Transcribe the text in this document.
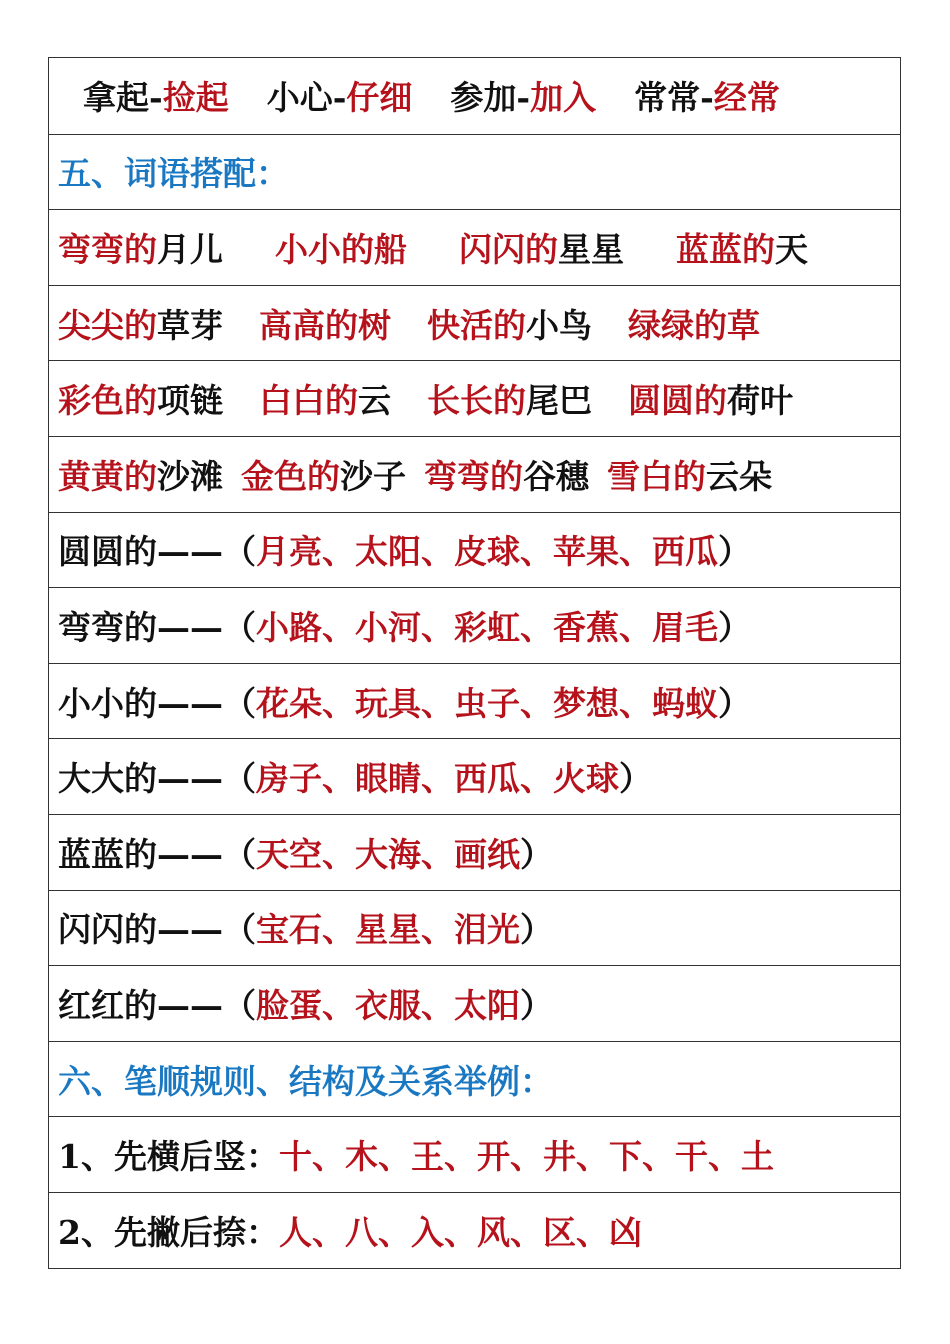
拿起-捡起 小心-仔细 参加-加入 常常-经常
五、词语搭配：
弯弯的月儿 小小的船 闪闪的星星 蓝蓝的天
尖尖的草芽 高高的树 快活的小鸟 绿绿的草
彩色的项链 白白的云 长长的尾巴 圆圆的荷叶
黄黄的沙滩 金色的沙子 弯弯的谷穗 雪白的云朵
圆圆的——（ 月亮、太阳、皮球、苹果、西瓜 ）
弯弯的——（ 小路、小河、彩虹、香蕉、眉毛 ）
小小的——（ 花朵、玩具、虫子、梦想、蚂蚁 ）
大大的——（ 房子、眼睛、西瓜、火球 ）
蓝蓝的——（ 天空、大海、画纸 ）
闪闪的——（ 宝石、星星、泪光 ）
红红的——（ 脸蛋、衣服、太阳 ）
六、笔顺规则、结构及关系举例：
1、先横后竖： 十、木、王、开、井、下、干、土
2、先撇后捺： 人、八、入、风、区、凶
